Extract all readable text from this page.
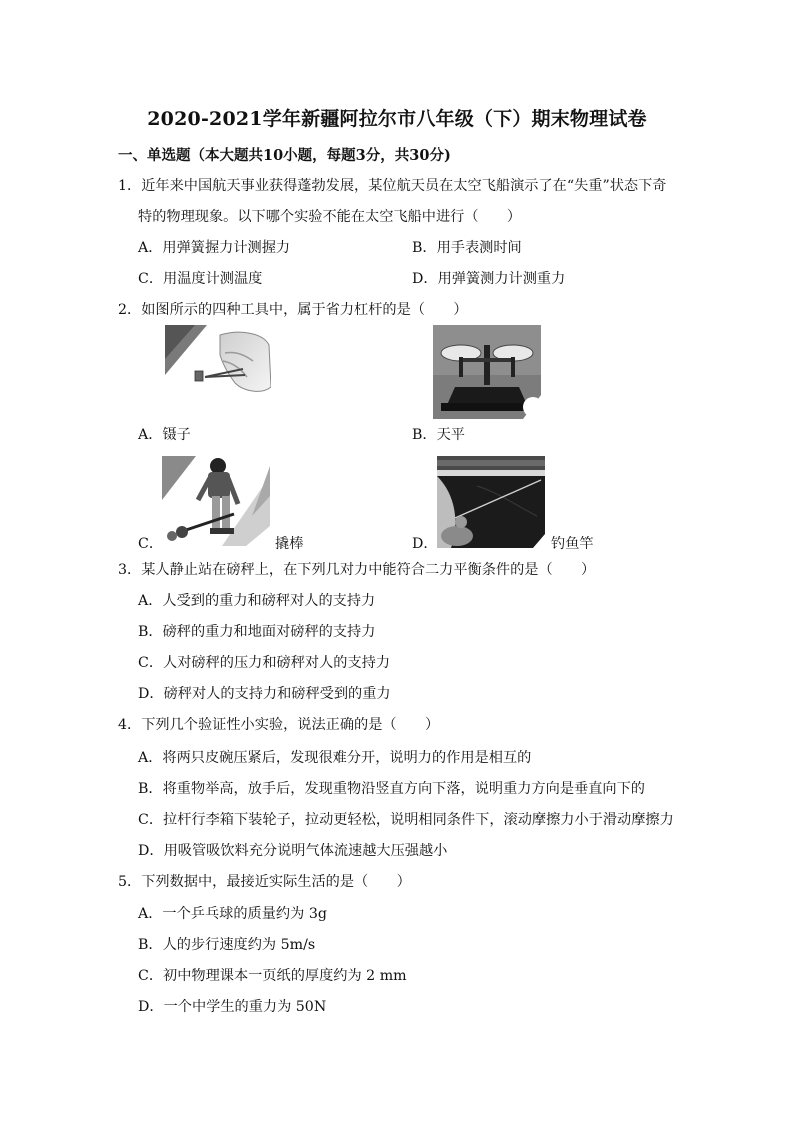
2020-2021学年新疆阿拉尔市八年级（下）期末物理试卷
一、单选题（本大题共10小题，每题3分，共30分)
1．近年来中国航天事业获得蓬勃发展，某位航天员在太空飞船演示了在“失重”状态下奇
特的物理现象。以下哪个实验不能在太空飞船中进行（　　）
A．用弹簧握力计测握力	B．用手表测时间
C．用温度计测温度	D．用弹簧测力计测重力
2．如图所示的四种工具中，属于省力杠杆的是（　　）
A．镊子	B．天平
C．	撬棒	D．	钓鱼竿
3．某人静止站在磅秤上，在下列几对力中能符合二力平衡条件的是（　　）
A．人受到的重力和磅秤对人的支持力
B．磅秤的重力和地面对磅秤的支持力
C．人对磅秤的压力和磅秤对人的支持力
D．磅秤对人的支持力和磅秤受到的重力
4．下列几个验证性小实验，说法正确的是（　　）
A．将两只皮碗压紧后，发现很难分开，说明力的作用是相互的
B．将重物举高，放手后，发现重物沿竖直方向下落，说明重力方向是垂直向下的
C．拉杆行李箱下装轮子，拉动更轻松，说明相同条件下，滚动摩擦力小于滑动摩擦力
D．用吸管吸饮料充分说明气体流速越大压强越小
5．下列数据中，最接近实际生活的是（　　）
A．一个乒乓球的质量约为 3g
B．人的步行速度约为 5m/s
C．初中物理课本一页纸的厚度约为 2 mm
D．一个中学生的重力为 50N
